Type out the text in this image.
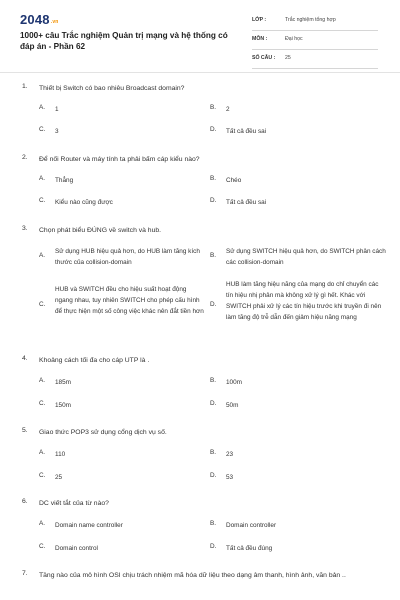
$2048^{.vn}$
1000+ câu Trắc nghiệm Quản trị mạng và hệ thống có đáp án - Phần 62
LỚP :	Trắc nghiệm tổng hợp
MÔN :	Đại học
SỐ CÂU : 25
1. Thiết bị Switch có bao nhiêu Broadcast domain?
A.	1	B.	2
C.	3	D.	Tất cả đều sai
2. Để nối Router và máy tính ta phải bấm cáp kiểu nào?
A.	Thẳng	B.	Chéo
C.	Kiểu nào cũng được	D.	Tất cả đều sai
3. Chọn phát biểu ĐÚNG về switch và hub.
A.
Sử dụng HUB hiệu quả hơn, do HUB làm tăng kích thước của collision-domain
B.
Sử dụng SWITCH hiệu quả hơn, do SWITCH phân cách các collision-domain
C.
HUB và SWITCH đều cho hiệu suất hoạt động ngang nhau, tuy nhiên SWITCH cho phép cấu hình để thực hiện một số công việc khác nên đắt tiền hơn
D.
HUB làm tăng hiệu năng của mạng do chỉ chuyển các tín hiệu nhị phân mà không xử lý gì hết. Khác với SWITCH phải xử lý các tín hiệu trước khi truyền đi nên làm tăng độ trễ dẫn đến giảm hiệu năng mạng
4. Khoảng cách tối đa cho cáp UTP là .
A.	185m	B.	100m
C.	150m	D.	50m
5. Giao thức POP3 sử dụng cổng dịch vụ số.
A.	110	B.	23
C.	25	D.	53
6. DC viết tắt của từ nào?
A.	Domain name controller	B.	Domain controller
C.	Domain control	D.	Tất cả đều đúng
7. Tầng nào của mô hình OSI chịu trách nhiệm mã hóa dữ liệu theo dạng âm thanh, hình ảnh, văn bản ..
